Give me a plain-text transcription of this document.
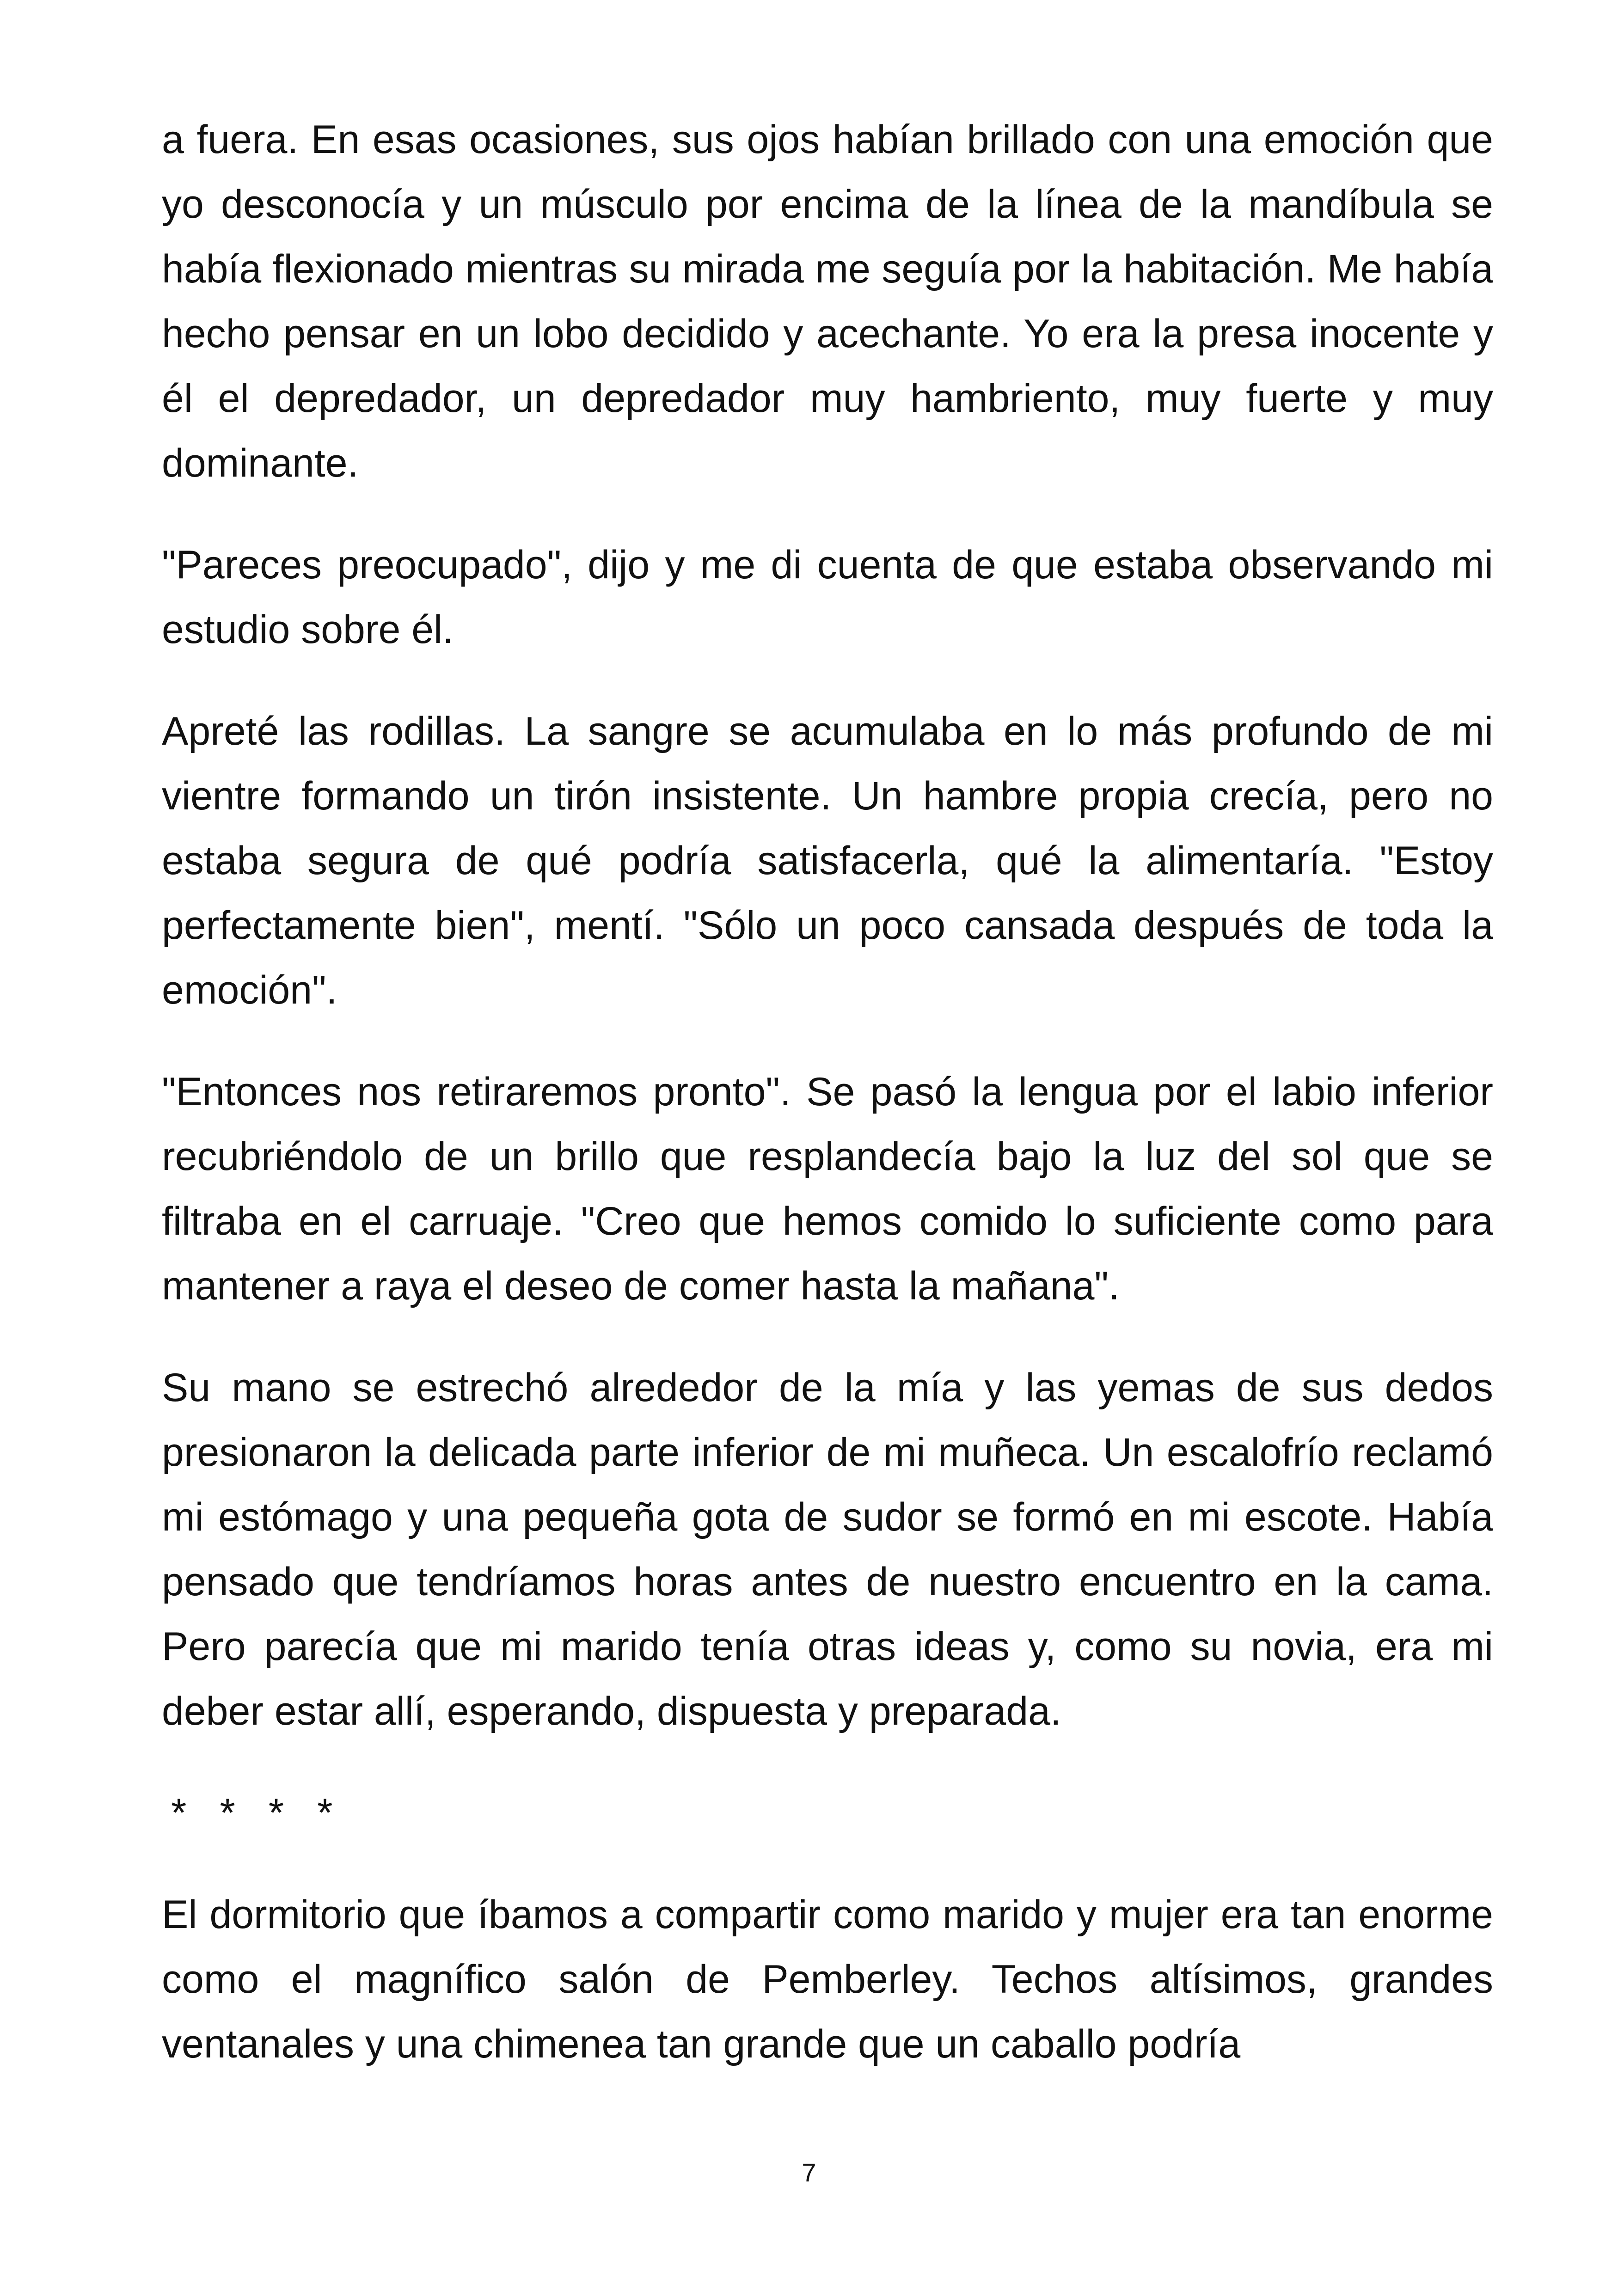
a fuera. En esas ocasiones, sus ojos habían brillado con una emoción que yo desconocía y un músculo por encima de la línea de la mandíbula se había flexionado mientras su mirada me seguía por la habitación. Me había hecho pensar en un lobo decidido y acechante. Yo era la presa inocente y él el depredador, un depredador muy hambriento, muy fuerte y muy dominante.

"Pareces preocupado", dijo y me di cuenta de que estaba observando mi estudio sobre él.

Apreté las rodillas. La sangre se acumulaba en lo más profundo de mi vientre formando un tirón insistente. Un hambre propia crecía, pero no estaba segura de qué podría satisfacerla, qué la alimentaría. "Estoy perfectamente bien", mentí. "Sólo un poco cansada después de toda la emoción".

"Entonces nos retiraremos pronto". Se pasó la lengua por el labio inferior recubriéndolo de un brillo que resplandecía bajo la luz del sol que se filtraba en el carruaje. "Creo que hemos comido lo suficiente como para mantener a raya el deseo de comer hasta la mañana".

Su mano se estrechó alrededor de la mía y las yemas de sus dedos presionaron la delicada parte inferior de mi muñeca. Un escalofrío reclamó mi estómago y una pequeña gota de sudor se formó en mi escote. Había pensado que tendríamos horas antes de nuestro encuentro en la cama. Pero parecía que mi marido tenía otras ideas y, como su novia, era mi deber estar allí, esperando, dispuesta y preparada.

* * * *

El dormitorio que íbamos a compartir como marido y mujer era tan enorme como el magnífico salón de Pemberley. Techos altísimos, grandes ventanales y una chimenea tan grande que un caballo podría

7
